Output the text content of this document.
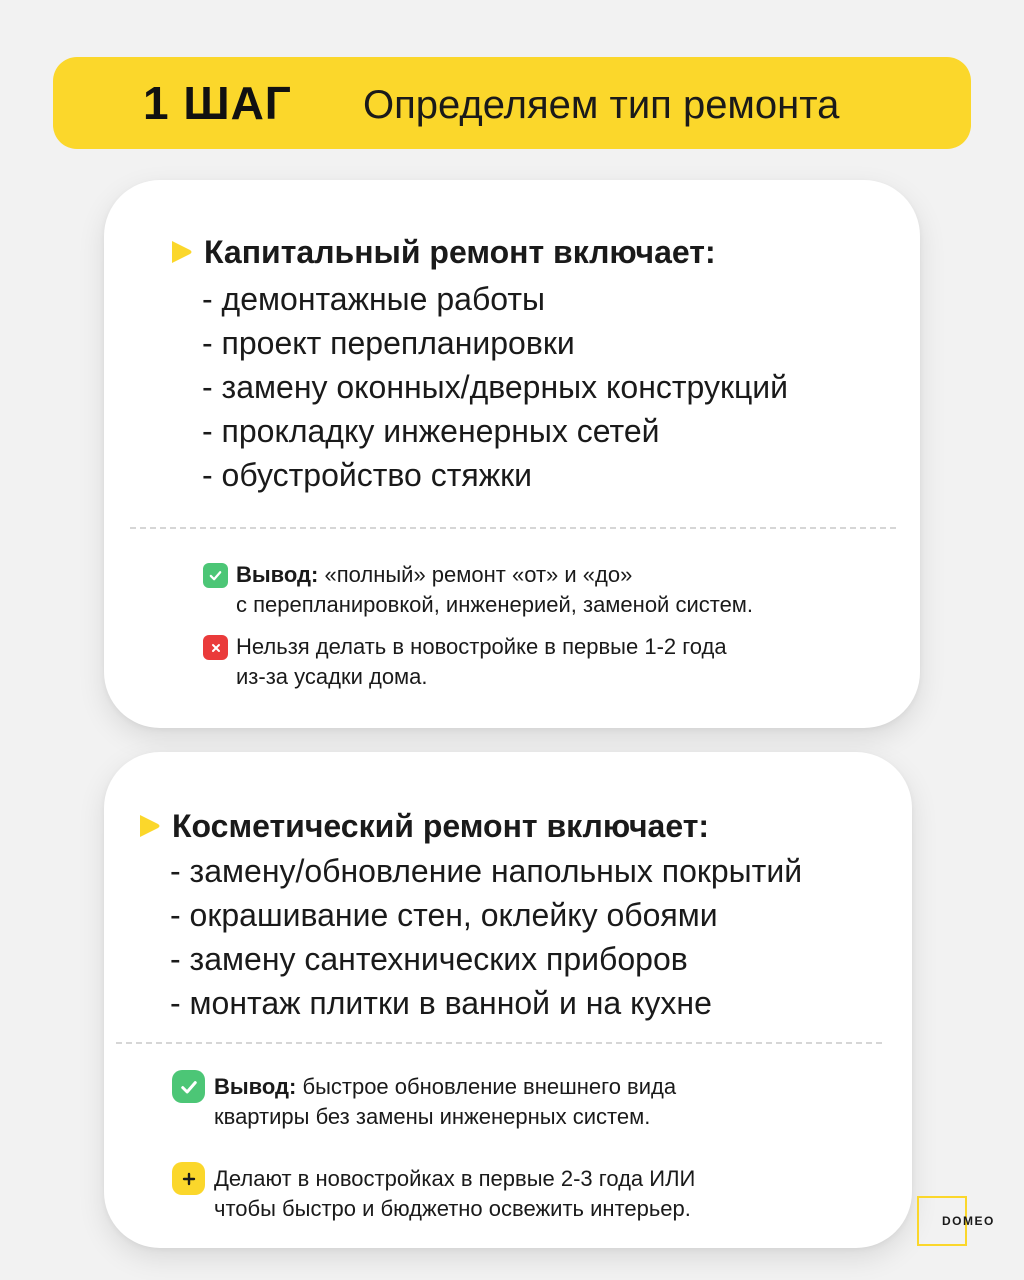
1 ШАГ Определяем тип ремонта
Капитальный ремонт включает:
- демонтажные работы
- проект перепланировки
- замену оконных/дверных конструкций
- прокладку инженерных сетей
- обустройство стяжки
Вывод: «полный» ремонт «от» и «до»
с перепланировкой, инженерией, заменой систем.
Нельзя делать в новостройке в первые 1-2 года
из-за усадки дома.
Косметический ремонт включает:
- замену/обновление напольных покрытий
- окрашивание стен, оклейку обоями
- замену сантехнических приборов
- монтаж плитки в ванной и на кухне
Вывод: быстрое обновление внешнего вида
квартиры без замены инженерных систем.
Делают в новостройках в первые 2-3 года ИЛИ
чтобы быстро и бюджетно освежить интерьер.	DOMEO
